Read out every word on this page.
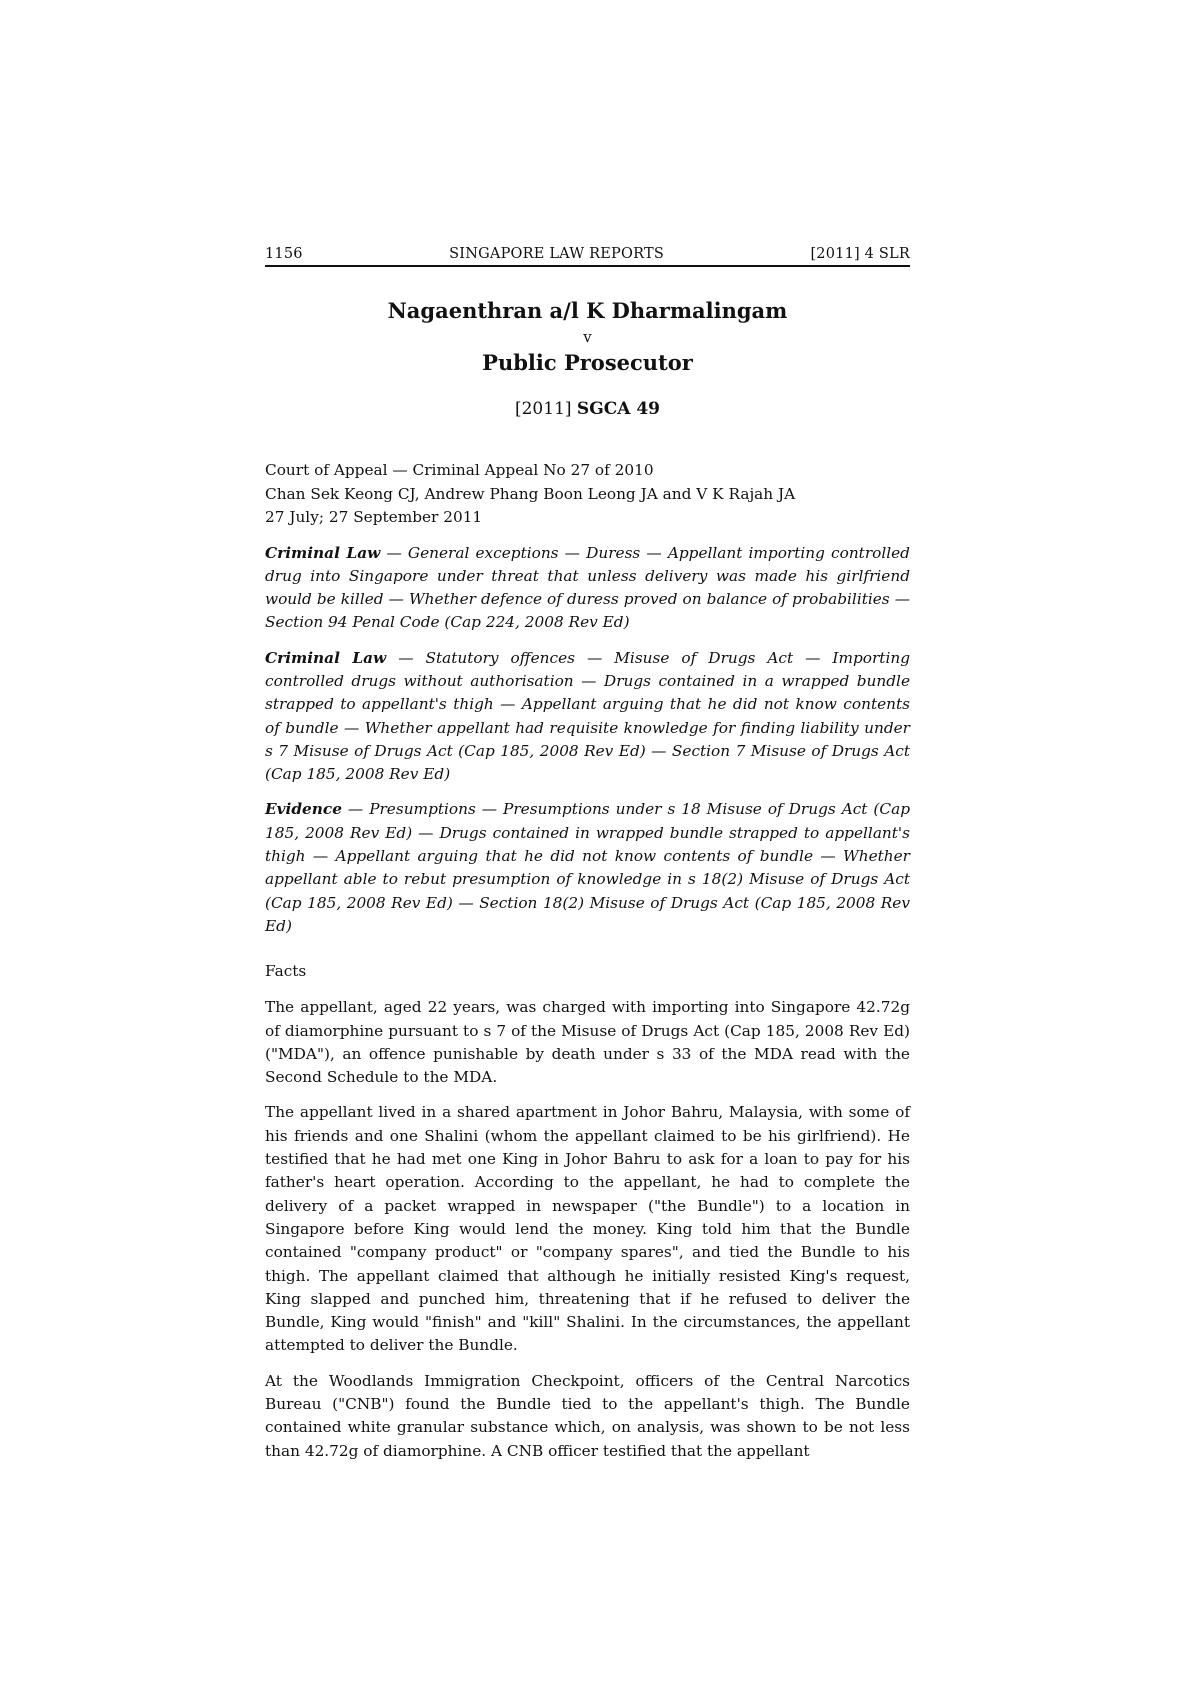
1156	SINGAPORE LAW REPORTS	[2011] 4 SLR
Nagaenthran a/l K Dharmalingam
v
Public Prosecutor
[2011] SGCA 49
Court of Appeal — Criminal Appeal No 27 of 2010
Chan Sek Keong CJ, Andrew Phang Boon Leong JA and V K Rajah JA
27 July; 27 September 2011
Criminal Law — General exceptions — Duress — Appellant importing controlled drug into Singapore under threat that unless delivery was made his girlfriend would be killed — Whether defence of duress proved on balance of probabilities — Section 94 Penal Code (Cap 224, 2008 Rev Ed)
Criminal Law — Statutory offences — Misuse of Drugs Act — Importing controlled drugs without authorisation — Drugs contained in a wrapped bundle strapped to appellant's thigh — Appellant arguing that he did not know contents of bundle — Whether appellant had requisite knowledge for finding liability under s 7 Misuse of Drugs Act (Cap 185, 2008 Rev Ed) — Section 7 Misuse of Drugs Act (Cap 185, 2008 Rev Ed)
Evidence — Presumptions — Presumptions under s 18 Misuse of Drugs Act (Cap 185, 2008 Rev Ed) — Drugs contained in wrapped bundle strapped to appellant's thigh — Appellant arguing that he did not know contents of bundle — Whether appellant able to rebut presumption of knowledge in s 18(2) Misuse of Drugs Act (Cap 185, 2008 Rev Ed) — Section 18(2) Misuse of Drugs Act (Cap 185, 2008 Rev Ed)
Facts

The appellant, aged 22 years, was charged with importing into Singapore 42.72g of diamorphine pursuant to s 7 of the Misuse of Drugs Act (Cap 185, 2008 Rev Ed) ("MDA"), an offence punishable by death under s 33 of the MDA read with the Second Schedule to the MDA.

The appellant lived in a shared apartment in Johor Bahru, Malaysia, with some of his friends and one Shalini (whom the appellant claimed to be his girlfriend). He testified that he had met one King in Johor Bahru to ask for a loan to pay for his father's heart operation. According to the appellant, he had to complete the delivery of a packet wrapped in newspaper ("the Bundle") to a location in Singapore before King would lend the money. King told him that the Bundle contained "company product" or "company spares", and tied the Bundle to his thigh. The appellant claimed that although he initially resisted King's request, King slapped and punched him, threatening that if he refused to deliver the Bundle, King would "finish" and "kill" Shalini. In the circumstances, the appellant attempted to deliver the Bundle.

At the Woodlands Immigration Checkpoint, officers of the Central Narcotics Bureau ("CNB") found the Bundle tied to the appellant's thigh. The Bundle contained white granular substance which, on analysis, was shown to be not less than 42.72g of diamorphine. A CNB officer testified that the appellant
